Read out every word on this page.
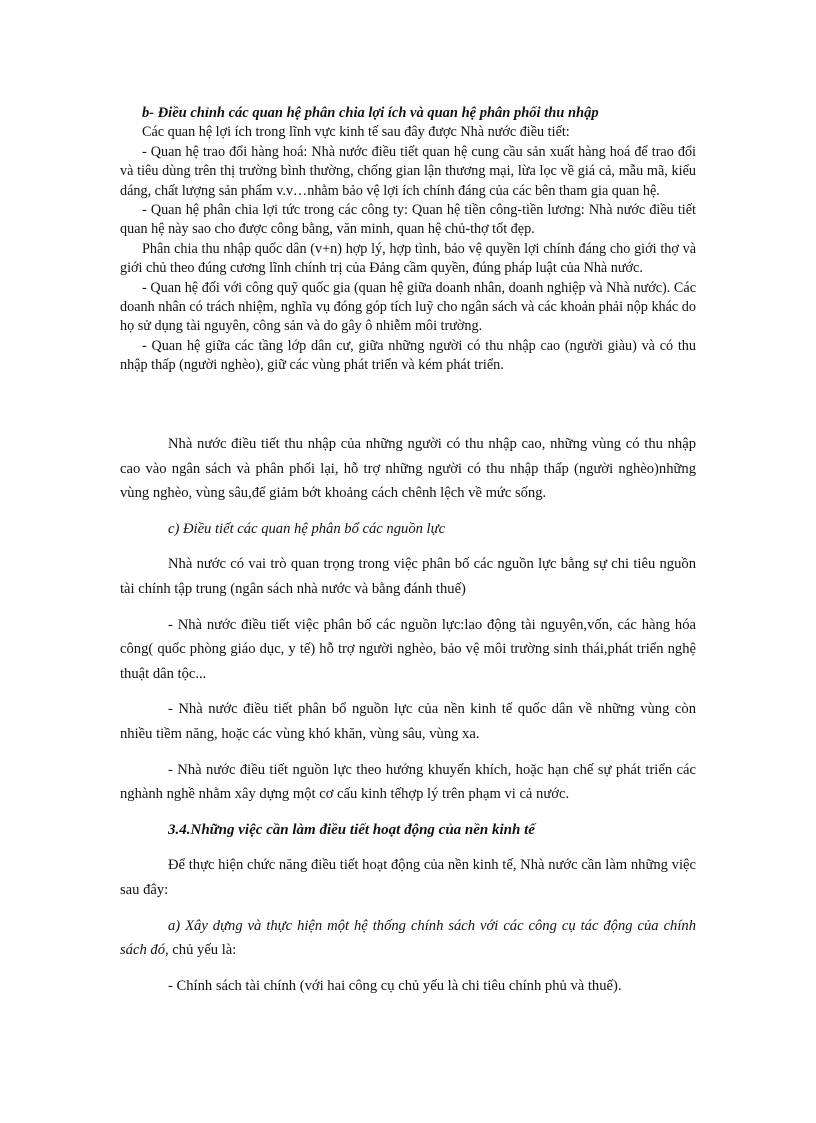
b- Điều chỉnh các quan hệ phân chia lợi ích và quan hệ phân phối thu nhập

Các quan hệ lợi ích trong lĩnh vực kinh tế sau đây được Nhà nước điều tiết:

- Quan hệ trao đổi hàng hoá: Nhà nước điều tiết quan hệ cung cầu sản xuất hàng hoá để trao đổi và tiêu dùng trên thị trường bình thường, chống gian lận thương mại, lừa lọc về giá cả, mẫu mã, kiểu dáng, chất lượng sản phẩm v.v…nhằm bảo vệ lợi ích chính đáng của các bên tham gia quan hệ.

- Quan hệ phân chia lợi tức trong các công ty: Quan hệ tiền công-tiền lương: Nhà nước điều tiết quan hệ này sao cho được công bằng, văn minh, quan hệ chủ-thợ tốt đẹp.

Phân chia thu nhập quốc dân (v+n) hợp lý, hợp tình, bảo vệ quyền lợi chính đáng cho giới thợ và giới chủ theo đúng cương lĩnh chính trị của Đảng cầm quyền, đúng pháp luật của Nhà nước.

- Quan hệ đối với công quỹ quốc gia (quan hệ giữa doanh nhân, doanh nghiệp và Nhà nước). Các doanh nhân có trách nhiệm, nghĩa vụ đóng góp tích luỹ cho ngân sách và các khoản phải nộp khác do họ sử dụng tài nguyên, công sản và do gây ô nhiễm môi trường.

- Quan hệ giữa các tầng lớp dân cư, giữa những người có thu nhập cao (người giàu) và có thu nhập thấp (người nghèo), giữ các vùng phát triển và kém phát triển.

Nhà nước điều tiết thu nhập của những người có thu nhập cao, những vùng có thu nhập cao vào ngân sách và phân phối lại, hỗ trợ những người có thu nhập thấp (người nghèo)những vùng nghèo, vùng sâu,để giảm bớt khoảng cách chênh lệch về mức sống.

c) Điều tiết các quan hệ phân bổ các nguồn lực

Nhà nước có vai trò quan trọng trong việc phân bố các nguồn lực bằng sự chi tiêu nguồn tài chính tập trung (ngân sách nhà nước và bằng đánh thuế)

- Nhà nước điều tiết việc phân bố các nguồn lực:lao động tài nguyên,vốn, các hàng hóa công( quốc phòng giáo dục, y tế) hỗ trợ người nghèo, bảo vệ môi trường sinh thái,phát triển nghệ thuật dân tộc...

- Nhà nước điều tiết phân bổ nguồn lực của nền kinh tế quốc dân về những vùng còn nhiều tiềm năng, hoặc các vùng khó khăn, vùng sâu, vùng xa.

- Nhà nước điều tiết nguồn lực theo hướng khuyến khích, hoặc hạn chế sự phát triển các nghành nghề nhằm xây dựng một cơ cấu kinh tếhợp lý trên phạm vi cả nước.

3.4.Những việc cần làm điều tiết hoạt động của nền kinh tế

Để thực hiện chức năng điều tiết hoạt động của nền kinh tế, Nhà nước cần làm những việc sau đây:

a) Xây dựng và thực hiện một hệ thống chính sách với các công cụ tác động của chính sách đó, chủ yếu là:

- Chính sách tài chính (với hai công cụ chủ yếu là chi tiêu chính phủ và thuế).
